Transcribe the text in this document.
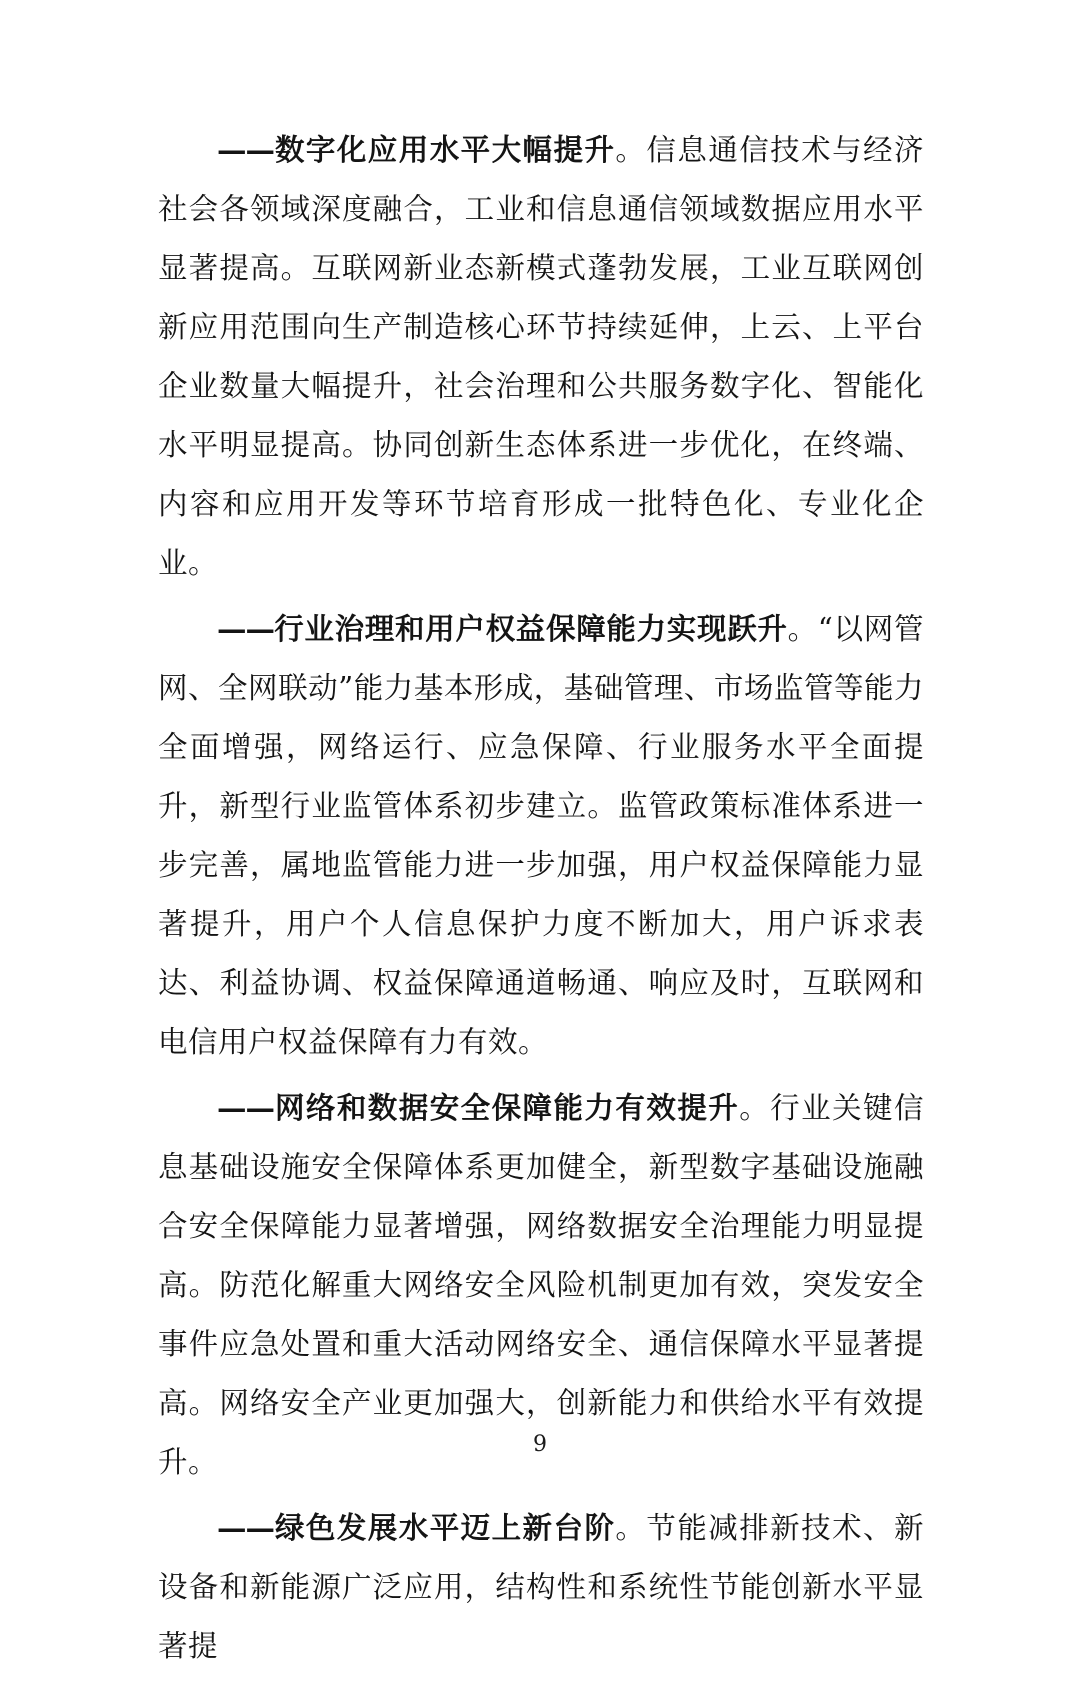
——数字化应用水平大幅提升。信息通信技术与经济社会各领域深度融合，工业和信息通信领域数据应用水平显著提高。互联网新业态新模式蓬勃发展，工业互联网创新应用范围向生产制造核心环节持续延伸，上云、上平台企业数量大幅提升，社会治理和公共服务数字化、智能化水平明显提高。协同创新生态体系进一步优化，在终端、内容和应用开发等环节培育形成一批特色化、专业化企业。

——行业治理和用户权益保障能力实现跃升。“以网管网、全网联动”能力基本形成，基础管理、市场监管等能力全面增强，网络运行、应急保障、行业服务水平全面提升，新型行业监管体系初步建立。监管政策标准体系进一步完善，属地监管能力进一步加强，用户权益保障能力显著提升，用户个人信息保护力度不断加大，用户诉求表达、利益协调、权益保障通道畅通、响应及时，互联网和电信用户权益保障有力有效。

——网络和数据安全保障能力有效提升。行业关键信息基础设施安全保障体系更加健全，新型数字基础设施融合安全保障能力显著增强，网络数据安全治理能力明显提高。防范化解重大网络安全风险机制更加有效，突发安全事件应急处置和重大活动网络安全、通信保障水平显著提高。网络安全产业更加强大，创新能力和供给水平有效提升。

——绿色发展水平迈上新台阶。节能减排新技术、新设备和新能源广泛应用，结构性和系统性节能创新水平显著提

9
